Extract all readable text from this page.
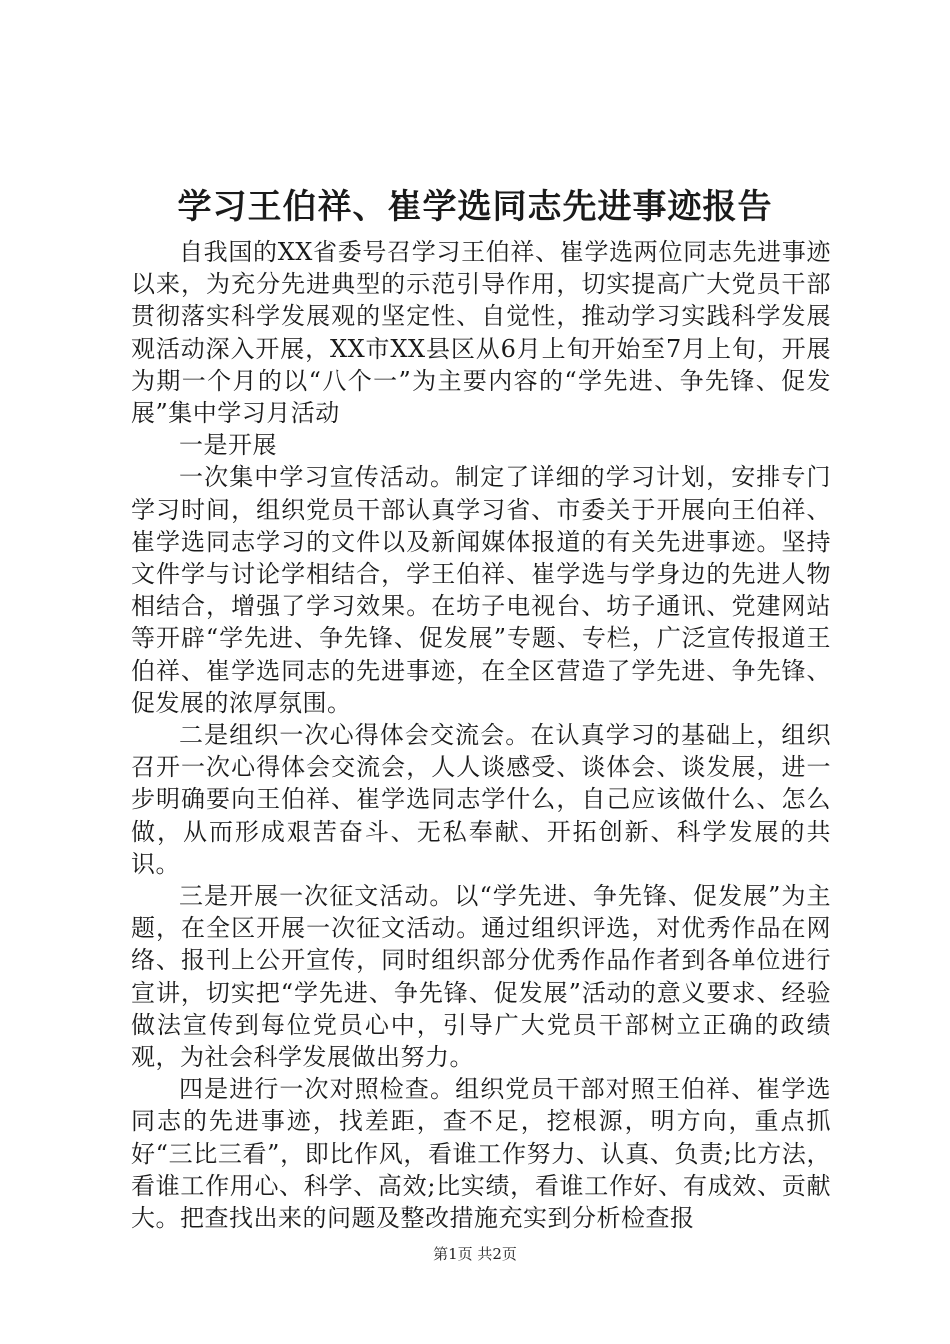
学习王伯祥、崔学选同志先进事迹报告

自我国的XX省委号召学习王伯祥、崔学选两位同志先进事迹以来，为充分先进典型的示范引导作用，切实提高广大党员干部贯彻落实科学发展观的坚定性、自觉性，推动学习实践科学发展观活动深入开展，XX市XX县区从6月上旬开始至7月上旬，开展为期一个月的以“八个一”为主要内容的“学先进、争先锋、促发展”集中学习月活动

一是开展

一次集中学习宣传活动。制定了详细的学习计划，安排专门学习时间，组织党员干部认真学习省、市委关于开展向王伯祥、崔学选同志学习的文件以及新闻媒体报道的有关先进事迹。坚持文件学与讨论学相结合，学王伯祥、崔学选与学身边的先进人物相结合，增强了学习效果。在坊子电视台、坊子通讯、党建网站等开辟“学先进、争先锋、促发展”专题、专栏，广泛宣传报道王伯祥、崔学选同志的先进事迹，在全区营造了学先进、争先锋、促发展的浓厚氛围。

二是组织一次心得体会交流会。在认真学习的基础上，组织召开一次心得体会交流会，人人谈感受、谈体会、谈发展，进一步明确要向王伯祥、崔学选同志学什么，自己应该做什么、怎么做，从而形成艰苦奋斗、无私奉献、开拓创新、科学发展的共识。

三是开展一次征文活动。以“学先进、争先锋、促发展”为主题，在全区开展一次征文活动。通过组织评选，对优秀作品在网络、报刊上公开宣传，同时组织部分优秀作品作者到各单位进行宣讲，切实把“学先进、争先锋、促发展”活动的意义要求、经验做法宣传到每位党员心中，引导广大党员干部树立正确的政绩观，为社会科学发展做出努力。

四是进行一次对照检查。组织党员干部对照王伯祥、崔学选同志的先进事迹，找差距，查不足，挖根源，明方向，重点抓好“三比三看”，即比作风，看谁工作努力、认真、负责;比方法，看谁工作用心、科学、高效;比实绩，看谁工作好、有成效、贡献大。把查找出来的问题及整改措施充实到分析检查报

第1页 共2页
